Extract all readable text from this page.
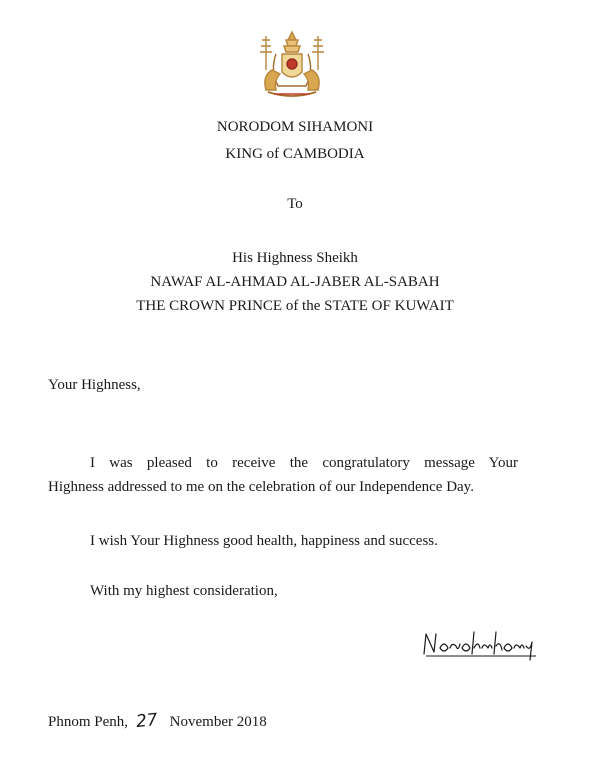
NORODOM SIHAMONI
KING of CAMBODIA
To
His Highness Sheikh
NAWAF AL-AHMAD AL-JABER AL-SABAH
THE CROWN PRINCE of the STATE OF KUWAIT
Your Highness,
I was pleased to receive the congratulatory message Your
Highness addressed to me on the celebration of our Independence Day.
I wish Your Highness good health, happiness and success.
With my highest consideration,
Phnom Penh, 27 November 2018
